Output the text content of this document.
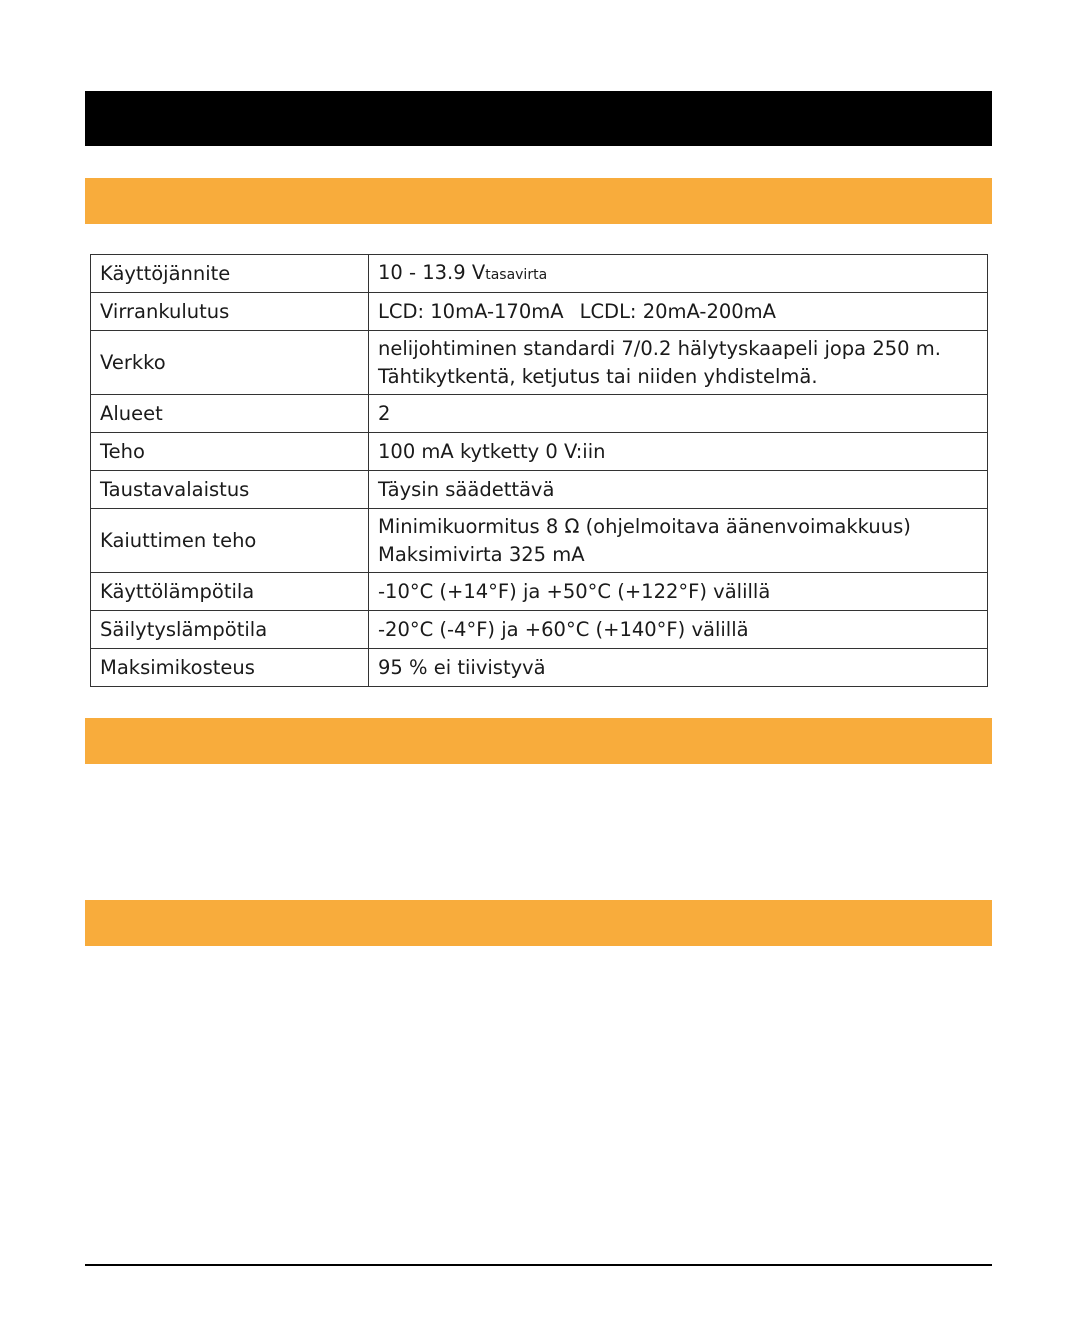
Käyttöjännite	10 - 13.9 Vtasavirta
Virrankulutus	LCD: 10mA-170mA LCDL: 20mA-200mA
Verkko	nelijohtiminen standardi 7/0.2 hälytyskaapeli jopa 250 m.
Tähtikytkentä, ketjutus tai niiden yhdistelmä.

Alueet	2
Teho	100 mA kytketty 0 V:iin
Taustavalaistus	Täysin säädettävä
Kaiuttimen teho	Minimikuormitus 8 Ω (ohjelmoitava äänenvoimakkuus)
Maksimivirta 325 mA

Käyttölämpötila	-10°C (+14°F) ja +50°C (+122°F) välillä
Säilytyslämpötila	-20°C (-4°F) ja +60°C (+140°F) välillä
Maksimikosteus	95 % ei tiivistyvä
